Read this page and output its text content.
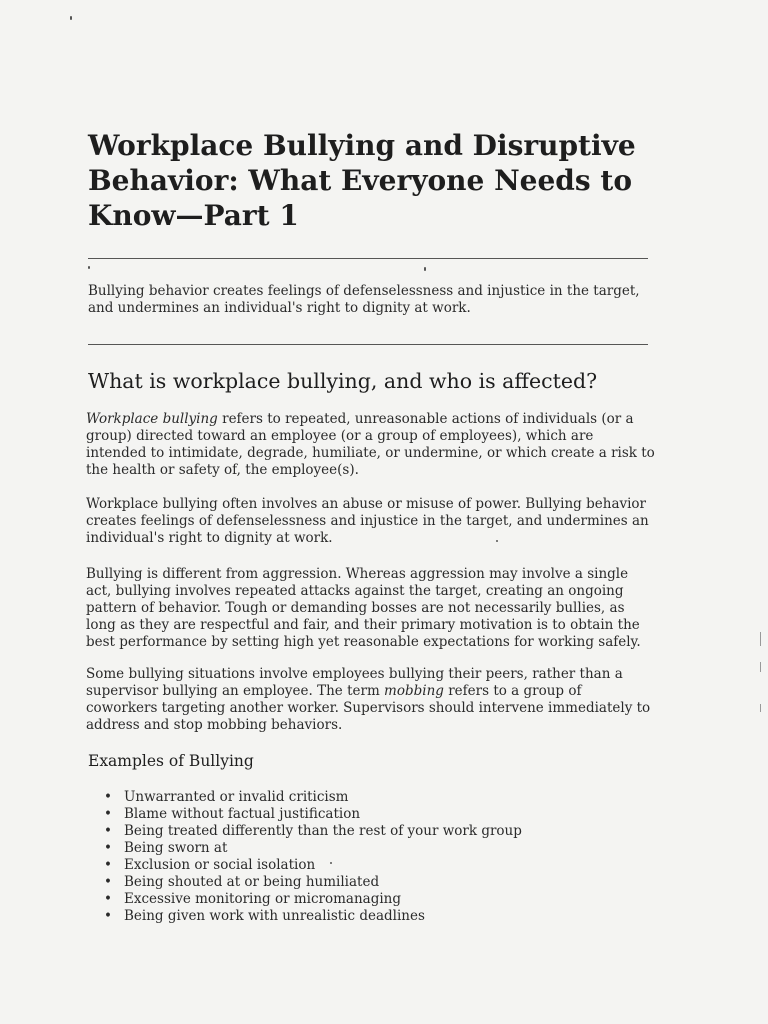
Workplace Bullying and Disruptive Behavior: What Everyone Needs to Know—Part 1

Bullying behavior creates feelings of defenselessness and injustice in the target, and undermines an individual's right to dignity at work.

What is workplace bullying, and who is affected?

Workplace bullying refers to repeated, unreasonable actions of individuals (or a group) directed toward an employee (or a group of employees), which are intended to intimidate, degrade, humiliate, or undermine, or which create a risk to the health or safety of, the employee(s).

Workplace bullying often involves an abuse or misuse of power. Bullying behavior creates feelings of defenselessness and injustice in the target, and undermines an individual's right to dignity at work.

Bullying is different from aggression. Whereas aggression may involve a single act, bullying involves repeated attacks against the target, creating an ongoing pattern of behavior. Tough or demanding bosses are not necessarily bullies, as long as they are respectful and fair, and their primary motivation is to obtain the best performance by setting high yet reasonable expectations for working safely.

Some bullying situations involve employees bullying their peers, rather than a supervisor bullying an employee. The term mobbing refers to a group of coworkers targeting another worker. Supervisors should intervene immediately to address and stop mobbing behaviors.

Examples of Bullying
• Unwarranted or invalid criticism
• Blame without factual justification
• Being treated differently than the rest of your work group
• Being sworn at
• Exclusion or social isolation
• Being shouted at or being humiliated
• Excessive monitoring or micromanaging
• Being given work with unrealistic deadlines
